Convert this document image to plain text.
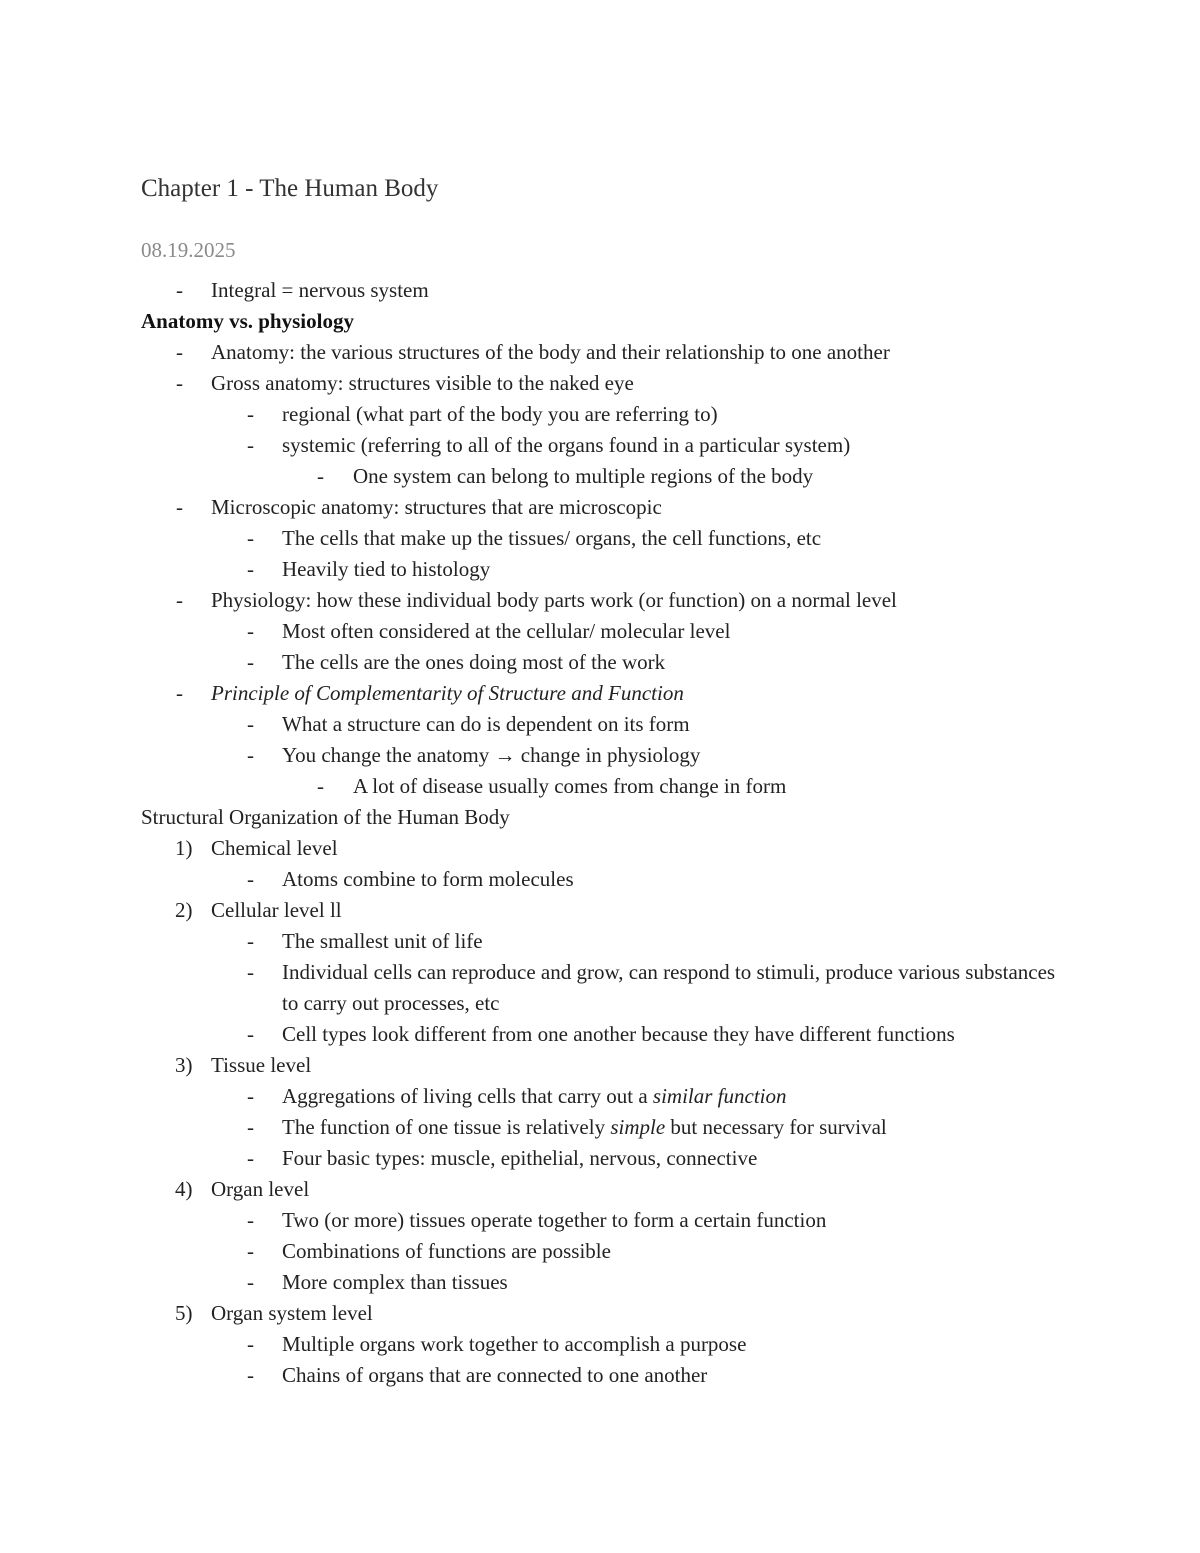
Chapter 1 - The Human Body
08.19.2025
- Integral = nervous system
Anatomy vs. physiology
- Anatomy: the various structures of the body and their relationship to one another
- Gross anatomy: structures visible to the naked eye
- regional (what part of the body you are referring to)
- systemic (referring to all of the organs found in a particular system)
- One system can belong to multiple regions of the body
- Microscopic anatomy: structures that are microscopic
- The cells that make up the tissues/ organs, the cell functions, etc
- Heavily tied to histology
- Physiology: how these individual body parts work (or function) on a normal level
- Most often considered at the cellular/ molecular level
- The cells are the ones doing most of the work
- Principle of Complementarity of Structure and Function
- What a structure can do is dependent on its form
- You change the anatomy → change in physiology
- A lot of disease usually comes from change in form
Structural Organization of the Human Body
1) Chemical level
- Atoms combine to form molecules
2) Cellular level ll
- The smallest unit of life
- Individual cells can reproduce and grow, can respond to stimuli, produce various substances to carry out processes, etc
- Cell types look different from one another because they have different functions
3) Tissue level
- Aggregations of living cells that carry out a similar function
- The function of one tissue is relatively simple but necessary for survival
- Four basic types: muscle, epithelial, nervous, connective
4) Organ level
- Two (or more) tissues operate together to form a certain function
- Combinations of functions are possible
- More complex than tissues
5) Organ system level
- Multiple organs work together to accomplish a purpose
- Chains of organs that are connected to one another
